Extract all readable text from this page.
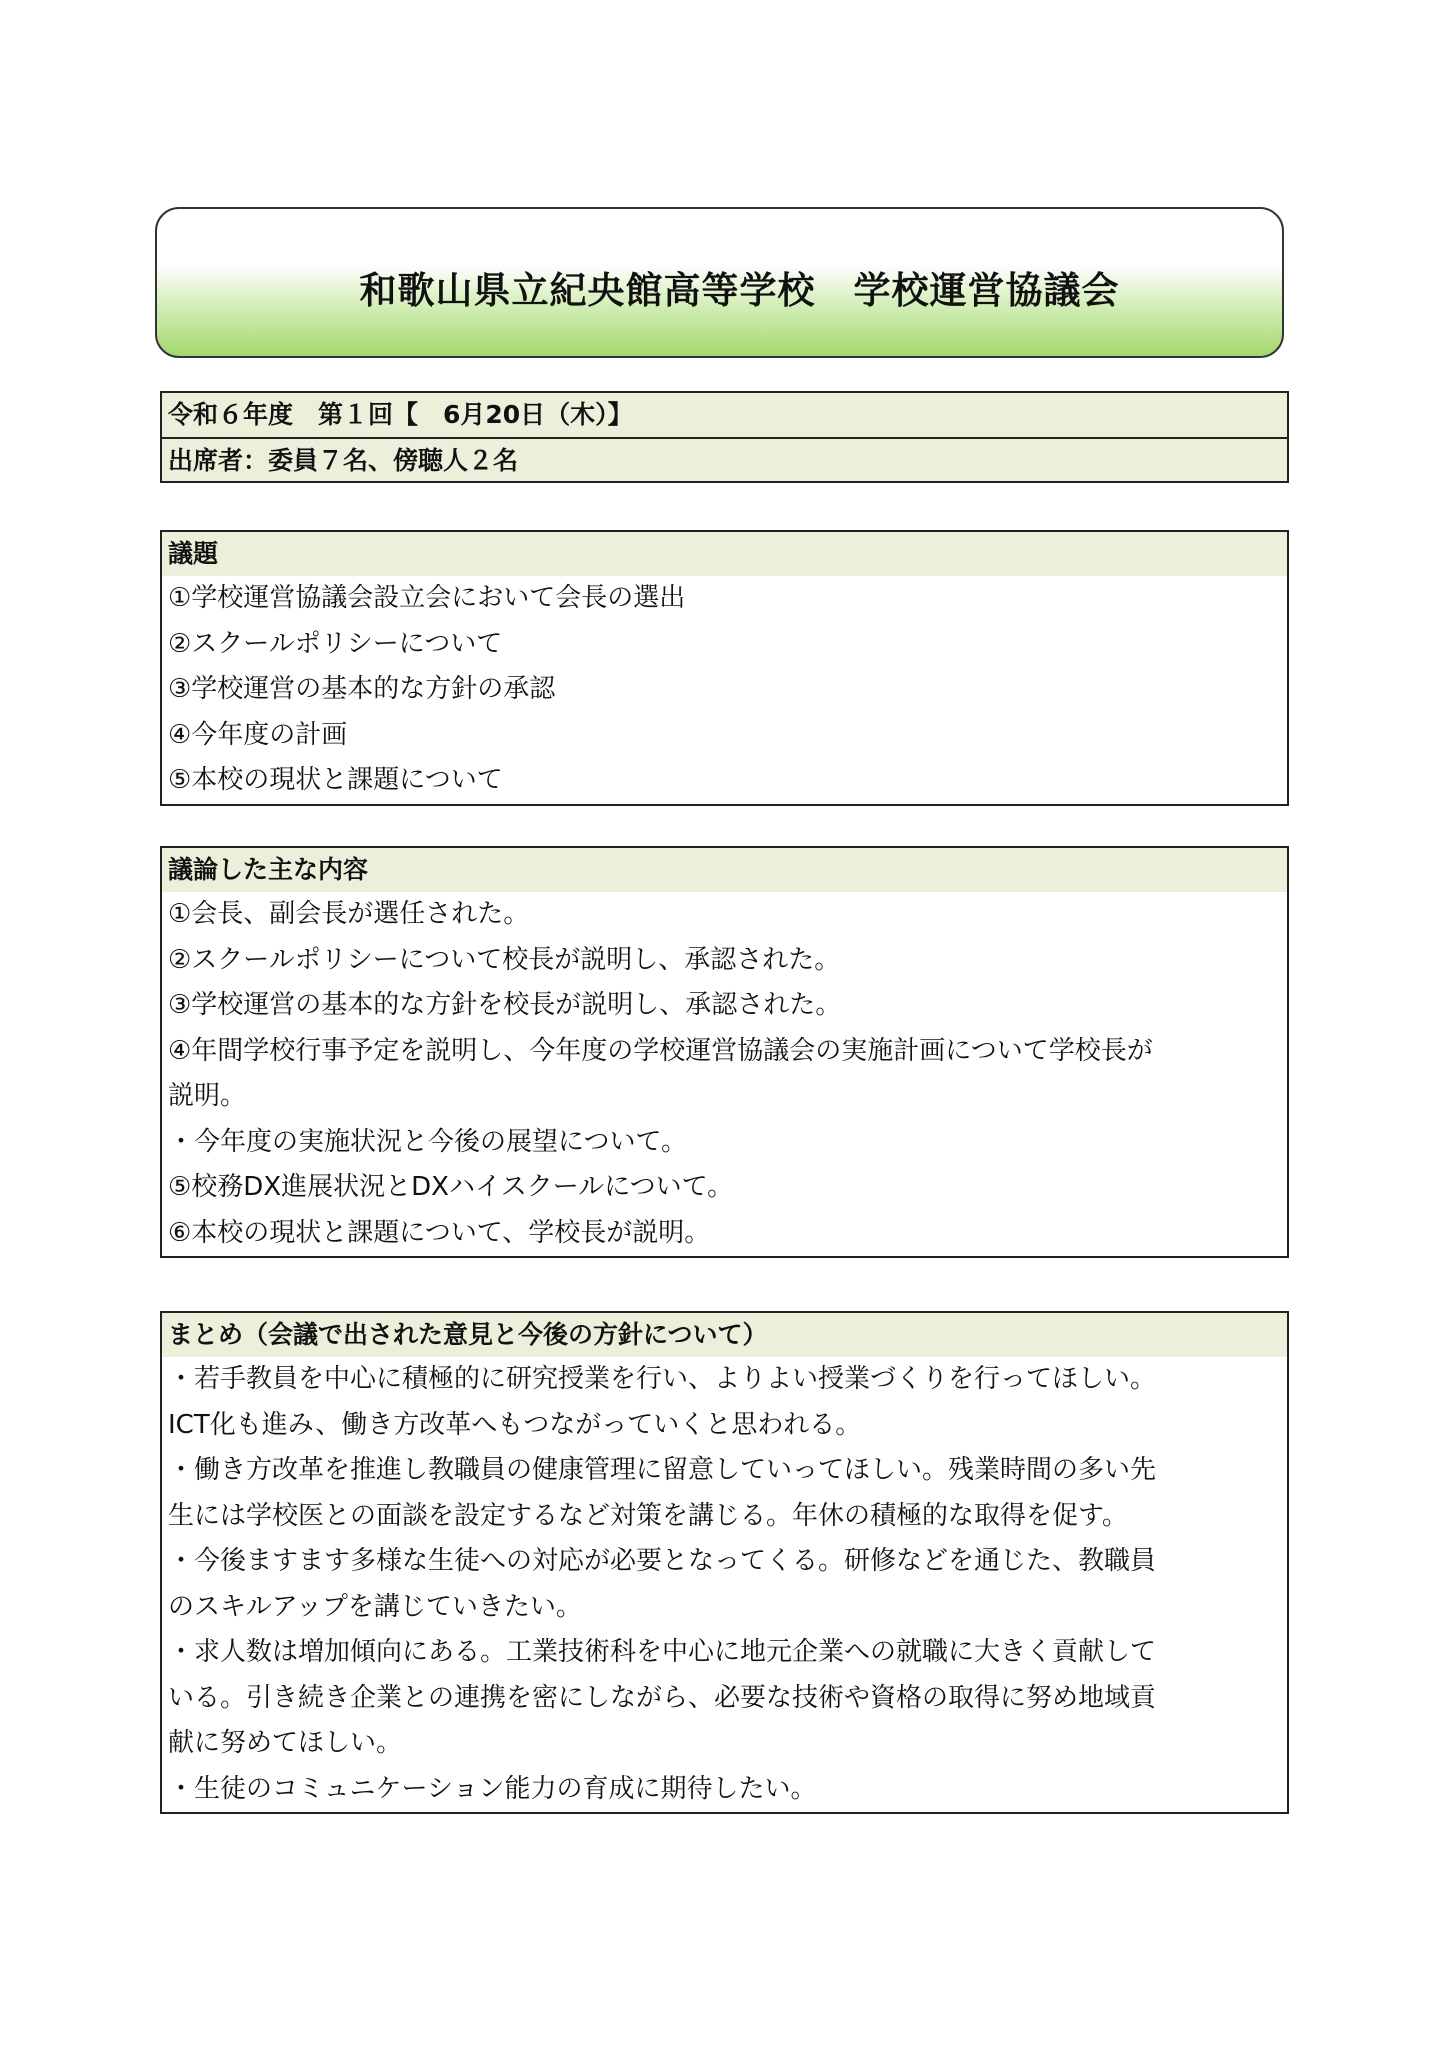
和歌山県立紀央館高等学校　学校運営協議会
令和６年度　第１回【　6月20日（木）】
出席者：委員７名、傍聴人２名
議題
①学校運営協議会設立会において会長の選出
②スクールポリシーについて
③学校運営の基本的な方針の承認
④今年度の計画
⑤本校の現状と課題について
議論した主な内容
①会長、副会長が選任された。
②スクールポリシーについて校長が説明し、承認された。
③学校運営の基本的な方針を校長が説明し、承認された。
④年間学校行事予定を説明し、今年度の学校運営協議会の実施計画について学校長が
説明。
・今年度の実施状況と今後の展望について。
⑤校務DX進展状況とDXハイスクールについて。
⑥本校の現状と課題について、学校長が説明。
まとめ（会議で出された意見と今後の方針について）
・若手教員を中心に積極的に研究授業を行い、よりよい授業づくりを行ってほしい。
ICT化も進み、働き方改革へもつながっていくと思われる。
・働き方改革を推進し教職員の健康管理に留意していってほしい。残業時間の多い先
生には学校医との面談を設定するなど対策を講じる。年休の積極的な取得を促す。
・今後ますます多様な生徒への対応が必要となってくる。研修などを通じた、教職員
のスキルアップを講じていきたい。
・求人数は増加傾向にある。工業技術科を中心に地元企業への就職に大きく貢献して
いる。引き続き企業との連携を密にしながら、必要な技術や資格の取得に努め地域貢
献に努めてほしい。
・生徒のコミュニケーション能力の育成に期待したい。
